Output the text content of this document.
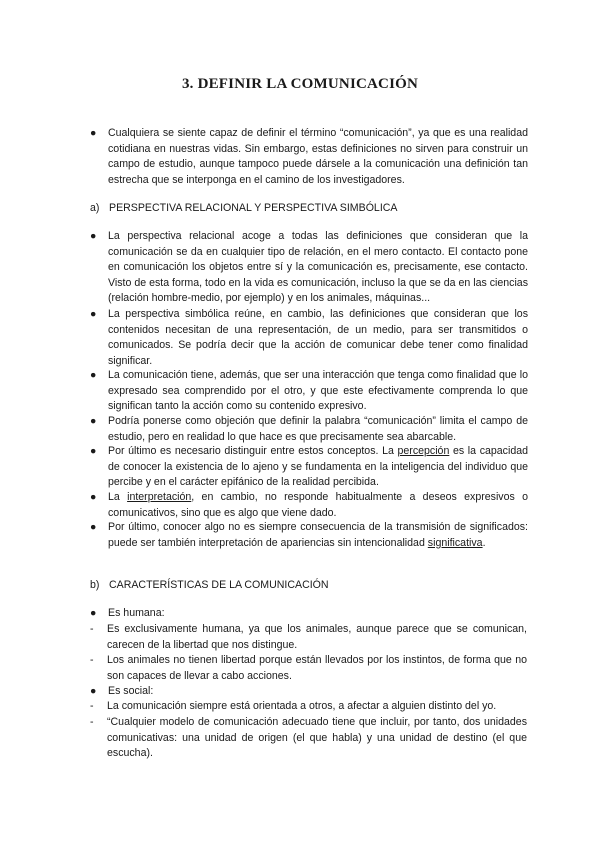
3. DEFINIR LA COMUNICACIÓN
●	Cualquiera se siente capaz de definir el término “comunicación”, ya que es una realidad cotidiana en nuestras vidas. Sin embargo, estas definiciones no sirven para construir un campo de estudio, aunque tampoco puede dársele a la comunicación una definición tan estrecha que se interponga en el camino de los investigadores.
a) PERSPECTIVA RELACIONAL Y PERSPECTIVA SIMBÓLICA
●	La perspectiva relacional acoge a todas las definiciones que consideran que la comunicación se da en cualquier tipo de relación, en el mero contacto. El contacto pone en comunicación los objetos entre sí y la comunicación es, precisamente, ese contacto. Visto de esta forma, todo en la vida es comunicación, incluso la que se da en las ciencias (relación hombre-medio, por ejemplo) y en los animales, máquinas...
●	La perspectiva simbólica reúne, en cambio, las definiciones que consideran que los contenidos necesitan de una representación, de un medio, para ser transmitidos o comunicados. Se podría decir que la acción de comunicar debe tener como finalidad significar.
●	La comunicación tiene, además, que ser una interacción que tenga como finalidad que lo expresado sea comprendido por el otro, y que este efectivamente comprenda lo que significan tanto la acción como su contenido expresivo.
●	Podría ponerse como objeción que definir la palabra “comunicación” limita el campo de estudio, pero en realidad lo que hace es que precisamente sea abarcable.
●	Por último es necesario distinguir entre estos conceptos. La percepción es la capacidad de conocer la existencia de lo ajeno y se fundamenta en la inteligencia del individuo que percibe y en el carácter epifánico de la realidad percibida.
●	La interpretación, en cambio, no responde habitualmente a deseos expresivos o comunicativos, sino que es algo que viene dado.
●	Por último, conocer algo no es siempre consecuencia de la transmisión de significados: puede ser también interpretación de apariencias sin intencionalidad significativa.
b) CARACTERÍSTICAS DE LA COMUNICACIÓN
●	Es humana:
-	Es exclusivamente humana, ya que los animales, aunque parece que se comunican, carecen de la libertad que nos distingue.
-	Los animales no tienen libertad porque están llevados por los instintos, de forma que no son capaces de llevar a cabo acciones.
●	Es social:
-	La comunicación siempre está orientada a otros, a afectar a alguien distinto del yo.
-	“Cualquier modelo de comunicación adecuado tiene que incluir, por tanto, dos unidades comunicativas: una unidad de origen (el que habla) y una unidad de destino (el que escucha).
